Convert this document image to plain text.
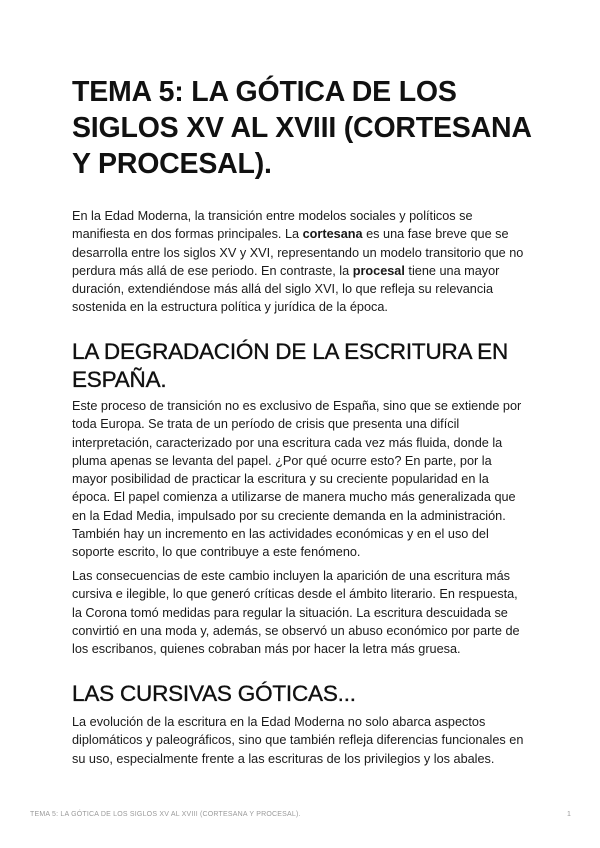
TEMA 5: LA GÓTICA DE LOS SIGLOS XV AL XVIII (CORTESANA Y PROCESAL).

En la Edad Moderna, la transición entre modelos sociales y políticos se manifiesta en dos formas principales. La cortesana es una fase breve que se desarrolla entre los siglos XV y XVI, representando un modelo transitorio que no perdura más allá de ese periodo. En contraste, la procesal tiene una mayor duración, extendiéndose más allá del siglo XVI, lo que refleja su relevancia sostenida en la estructura política y jurídica de la época.

LA DEGRADACIÓN DE LA ESCRITURA EN ESPAÑA.

Este proceso de transición no es exclusivo de España, sino que se extiende por toda Europa. Se trata de un período de crisis que presenta una difícil interpretación, caracterizado por una escritura cada vez más fluida, donde la pluma apenas se levanta del papel. ¿Por qué ocurre esto? En parte, por la mayor posibilidad de practicar la escritura y su creciente popularidad en la época. El papel comienza a utilizarse de manera mucho más generalizada que en la Edad Media, impulsado por su creciente demanda en la administración. También hay un incremento en las actividades económicas y en el uso del soporte escrito, lo que contribuye a este fenómeno.

Las consecuencias de este cambio incluyen la aparición de una escritura más cursiva e ilegible, lo que generó críticas desde el ámbito literario. En respuesta, la Corona tomó medidas para regular la situación. La escritura descuidada se convirtió en una moda y, además, se observó un abuso económico por parte de los escribanos, quienes cobraban más por hacer la letra más gruesa.

LAS CURSIVAS GÓTICAS...

La evolución de la escritura en la Edad Moderna no solo abarca aspectos diplomáticos y paleográficos, sino que también refleja diferencias funcionales en su uso, especialmente frente a las escrituras de los privilegios y los abales.

TEMA 5: LA GÓTICA DE LOS SIGLOS XV AL XVIII (CORTESANA Y PROCESAL).	1
